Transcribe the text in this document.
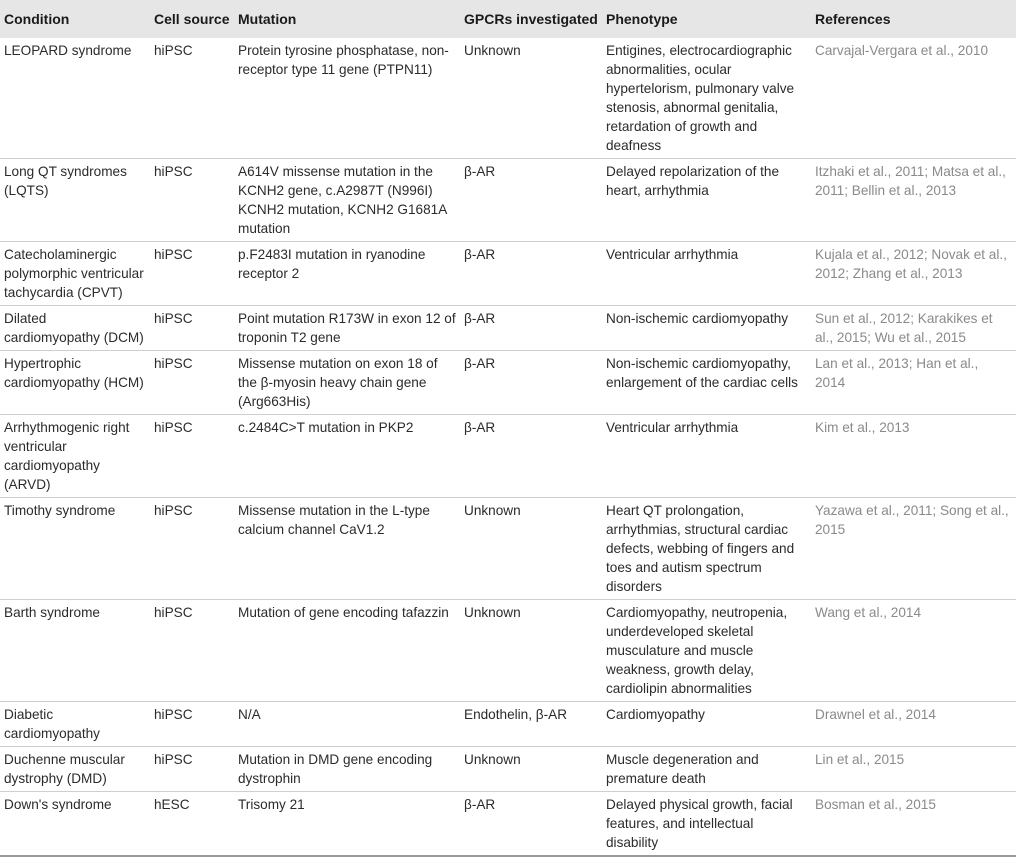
Condition	Cell source	Mutation	GPCRs investigated	Phenotype	References
LEOPARD syndrome	hiPSC	Protein tyrosine phosphatase, non-receptor type 11 gene (PTPN11)	Unknown	Entigines, electrocardiographic abnormalities, ocular hypertelorism, pulmonary valve stenosis, abnormal genitalia, retardation of growth and deafness	Carvajal-Vergara et al., 2010
Long QT syndromes (LQTS)	hiPSC	A614V missense mutation in the KCNH2 gene, c.A2987T (N996I) KCNH2 mutation, KCNH2 G1681A mutation	β-AR	Delayed repolarization of the heart, arrhythmia	Itzhaki et al., 2011; Matsa et al., 2011; Bellin et al., 2013
Catecholaminergic polymorphic ventricular tachycardia (CPVT)	hiPSC	p.F2483I mutation in ryanodine receptor 2	β-AR	Ventricular arrhythmia	Kujala et al., 2012; Novak et al., 2012; Zhang et al., 2013
Dilated cardiomyopathy (DCM)	hiPSC	Point mutation R173W in exon 12 of troponin T2 gene	β-AR	Non-ischemic cardiomyopathy	Sun et al., 2012; Karakikes et al., 2015; Wu et al., 2015
Hypertrophic cardiomyopathy (HCM)	hiPSC	Missense mutation on exon 18 of the β-myosin heavy chain gene (Arg663His)	β-AR	Non-ischemic cardiomyopathy, enlargement of the cardiac cells	Lan et al., 2013; Han et al., 2014
Arrhythmogenic right ventricular cardiomyopathy (ARVD)	hiPSC	c.2484C>T mutation in PKP2	β-AR	Ventricular arrhythmia	Kim et al., 2013
Timothy syndrome	hiPSC	Missense mutation in the L-type calcium channel CaV1.2	Unknown	Heart QT prolongation, arrhythmias, structural cardiac defects, webbing of fingers and toes and autism spectrum disorders	Yazawa et al., 2011; Song et al., 2015
Barth syndrome	hiPSC	Mutation of gene encoding tafazzin	Unknown	Cardiomyopathy, neutropenia, underdeveloped skeletal musculature and muscle weakness, growth delay, cardiolipin abnormalities	Wang et al., 2014
Diabetic cardiomyopathy	hiPSC	N/A	Endothelin, β-AR	Cardiomyopathy	Drawnel et al., 2014
Duchenne muscular dystrophy (DMD)	hiPSC	Mutation in DMD gene encoding dystrophin	Unknown	Muscle degeneration and premature death	Lin et al., 2015
Down's syndrome	hESC	Trisomy 21	β-AR	Delayed physical growth, facial features, and intellectual disability	Bosman et al., 2015
